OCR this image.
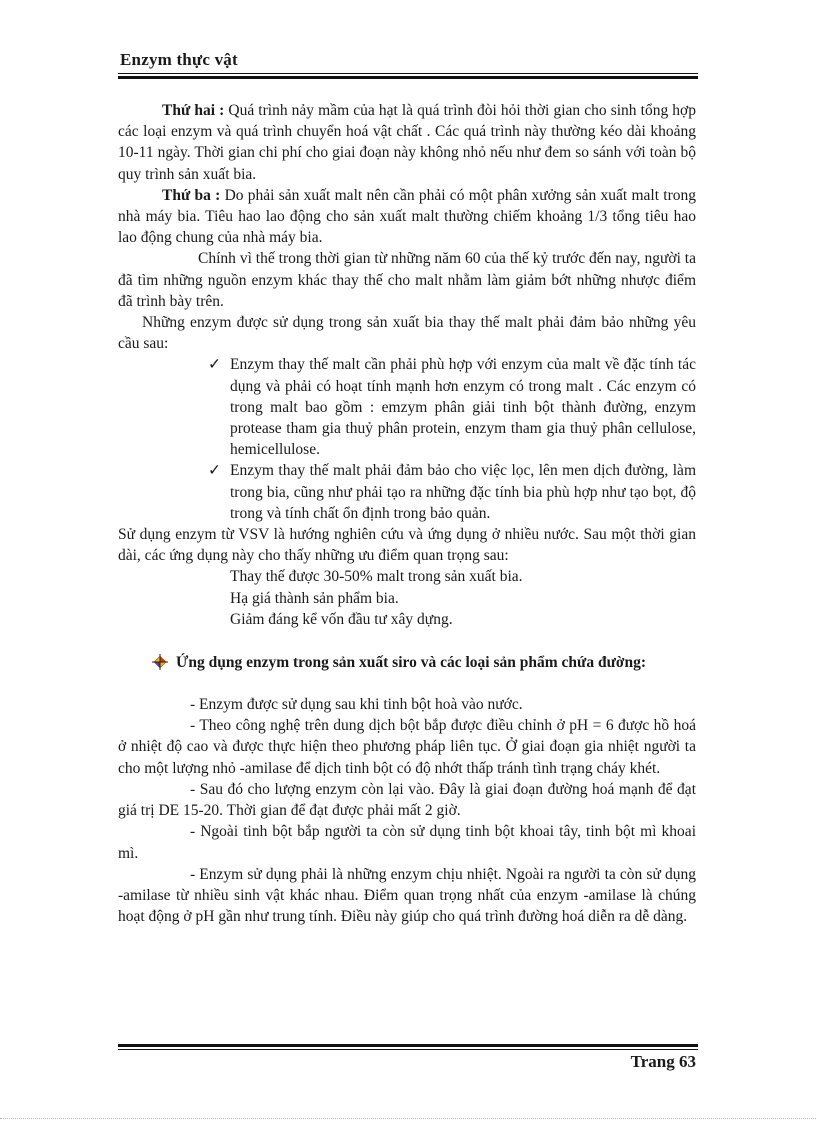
Enzym thực vật

Thứ hai : Quá trình nảy mầm của hạt là quá trình đòi hỏi thời gian cho sinh tổng hợp các loại enzym và quá trình chuyển hoá vật chất . Các quá trình này thường kéo dài khoảng 10-11 ngày. Thời gian chi phí cho giai đoạn này không nhỏ nếu như đem so sánh với toàn bộ quy trình sản xuất bia.

Thứ ba : Do phải sản xuất malt nên cần phải có một phân xưởng sản xuất malt trong nhà máy bia. Tiêu hao lao động cho sản xuất malt thường chiếm khoảng 1/3 tổng tiêu hao lao động chung của nhà máy bia.

Chính vì thế trong thời gian từ những năm 60 của thế kỷ trước đến nay, người ta đã tìm những nguồn enzym khác thay thế cho malt nhằm làm giảm bớt những nhược điểm đã trình bày trên.

Những enzym được sử dụng trong sản xuất bia thay thế malt phải đảm bảo những yêu cầu sau:

✓ Enzym thay thế malt cần phải phù hợp với enzym của malt về đặc tính tác dụng và phải có hoạt tính mạnh hơn enzym có trong malt . Các enzym có trong malt bao gồm : emzym phân giải tinh bột thành đường, enzym protease tham gia thuỷ phân protein, enzym tham gia thuỷ phân cellulose, hemicellulose.
✓ Enzym thay thế malt phải đảm bảo cho việc lọc, lên men dịch đường, làm trong bia, cũng như phải tạo ra những đặc tính bia phù hợp như tạo bọt, độ trong và tính chất ổn định trong bảo quản.

Sử dụng enzym từ VSV là hướng nghiên cứu và ứng dụng ở nhiều nước. Sau một thời gian dài, các ứng dụng này cho thấy những ưu điểm quan trọng sau:

Thay thế được 30-50% malt trong sản xuất bia.
Hạ giá thành sản phẩm bia.
Giảm đáng kể vốn đầu tư xây dựng.
Ứng dụng enzym trong sản xuất siro và các loại sản phẩm chứa đường:

- Enzym được sử dụng sau khi tinh bột hoà vào nước.

- Theo công nghệ trên dung dịch bột bắp được điều chỉnh ở pH = 6 được hồ hoá ở nhiệt độ cao và được thực hiện theo phương pháp liên tục. Ở giai đoạn gia nhiệt người ta cho một lượng nhỏ -amilase để dịch tinh bột có độ nhớt thấp tránh tình trạng cháy khét.

- Sau đó cho lượng enzym còn lại vào. Đây là giai đoạn đường hoá mạnh để đạt giá trị DE 15-20. Thời gian để đạt được phải mất 2 giờ.

- Ngoài tinh bột bắp người ta còn sử dụng tinh bột khoai tây, tinh bột mì khoai mì.

- Enzym sử dụng phải là những enzym chịu nhiệt. Ngoài ra người ta còn sử dụng -amilase từ nhiều sinh vật khác nhau. Điểm quan trọng nhất của enzym -amilase là chúng hoạt động ở pH gần như trung tính. Điều này giúp cho quá trình đường hoá diễn ra dễ dàng.

Trang 63
